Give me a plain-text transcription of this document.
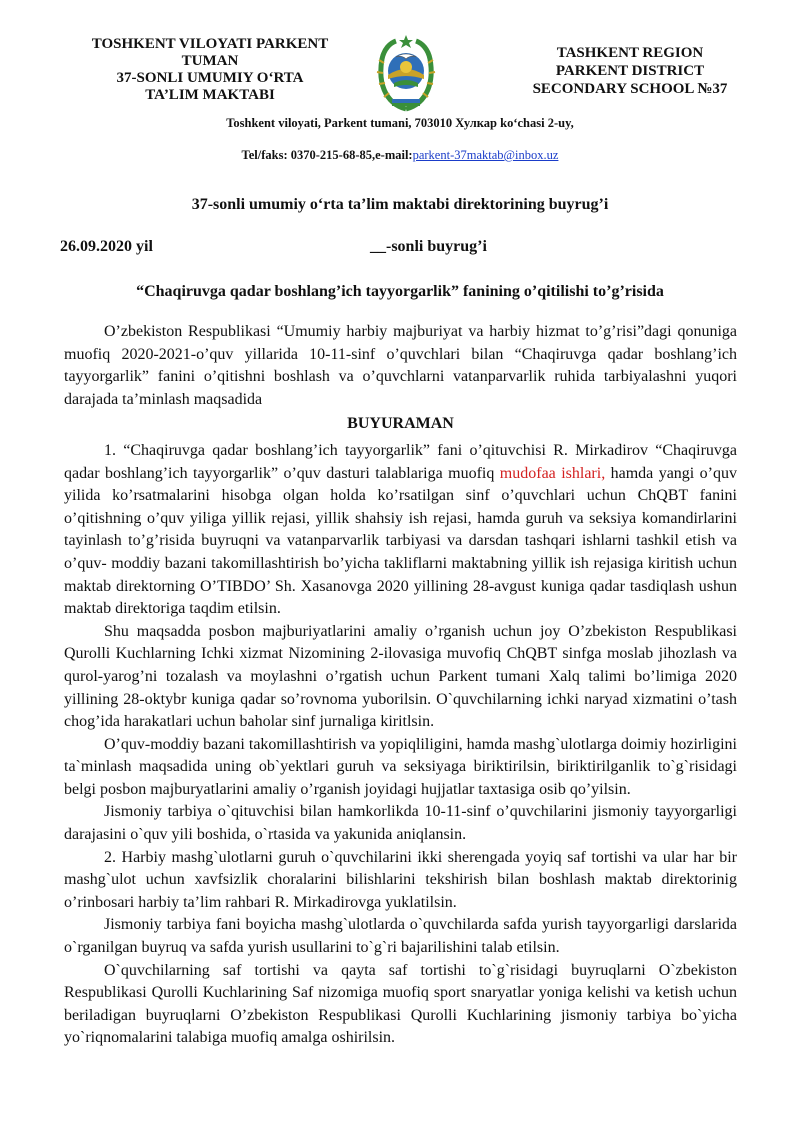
TOSHKENT VILOYATI PARKENT
TUMAN
37-SONLI UMUMIY O‘RTA
TA’LIM MAKTABI
TASHKENT REGION
PARKENT DISTRICT
SECONDARY SCHOOL №37
Toshkent viloyati, Parkent tumani, 703010 Хулкар ko‘chasi 2-uy,
Tel/faks: 0370-215-68-85,e-mail:parkent-37maktab@inbox.uz
37-sonli umumiy o‘rta ta’lim maktabi direktorining buyrug’i
26.09.2020 yil	__-sonli buyrug’i
“Chaqiruvga qadar boshlang’ich tayyorgarlik” fanining o’qitilishi to’g’risida

O’zbekiston Respublikasi “Umumiy harbiy majburiyat va harbiy hizmat to’g’risi”dagi qonuniga muofiq 2020-2021-o’quv yillarida 10-11-sinf o’quvchlari bilan “Chaqiruvga qadar boshlang’ich tayyorgarlik” fanini o’qitishni boshlash va o’quvchlarni vatanparvarlik ruhida tarbiyalashni yuqori darajada ta’minlash maqsadida

BUYURAMAN

1. “Chaqiruvga qadar boshlang’ich tayyorgarlik” fani o’qituvchisi R. Mirkadirov “Chaqiruvga qadar boshlang’ich tayyorgarlik” o’quv dasturi talablariga muofiq mudofaa ishlari, hamda yangi o’quv yilida ko’rsatmalarini hisobga olgan holda ko’rsatilgan sinf o’quvchlari uchun ChQBT fanini o’qitishning o’quv yiliga yillik rejasi, yillik shahsiy ish rejasi, hamda guruh va seksiya komandirlarini tayinlash to’g’risida buyruqni va vatanparvarlik tarbiyasi va darsdan tashqari ishlarni tashkil etish va o’quv- moddiy bazani takomillashtirish bo’yicha takliflarni maktabning yillik ish rejasiga kiritish uchun maktab direktorning O’TIBDO’ Sh. Xasanovga 2020 yillining 28-avgust kuniga qadar tasdiqlash ushun maktab direktoriga taqdim etilsin.

Shu maqsadda posbon majburiyatlarini amaliy o’rganish uchun joy O’zbekiston Respublikasi Qurolli Kuchlarning Ichki xizmat Nizomining 2-ilovasiga muvofiq ChQBT sinfga moslab jihozlash va qurol-yarog’ni tozalash va moylashni o’rgatish uchun Parkent tumani Xalq talimi bo’limiga 2020 yillining 28-oktybr kuniga qadar so’rovnoma yuborilsin. O`quvchilarning ichki naryad xizmatini o’tash chog’ida harakatlari uchun baholar sinf jurnaliga kiritlsin.

O’quv-moddiy bazani takomillashtirish va yopiqliligini, hamda mashg`ulotlarga doimiy hozirligini ta`minlash maqsadida uning ob`yektlari guruh va seksiyaga biriktirilsin, biriktirilganlik to`g`risidagi belgi posbon majburyatlarini amaliy o’rganish joyidagi hujjatlar taxtasiga osib qo’yilsin.

Jismoniy tarbiya o`qituvchisi bilan hamkorlikda 10-11-sinf o’quvchilarini jismoniy tayyorgarligi darajasini o`quv yili boshida, o`rtasida va yakunida aniqlansin.

2. Harbiy mashg`ulotlarni guruh o`quvchilarini ikki sherengada yoyiq saf tortishi va ular har bir mashg`ulot uchun xavfsizlik choralarini bilishlarini tekshirish bilan boshlash maktab direktorinig o’rinbosari harbiy ta’lim rahbari R. Mirkadirovga yuklatilsin.

Jismoniy tarbiya fani boyicha mashg`ulotlarda o`quvchilarda safda yurish tayyorgarligi darslarida o`rganilgan buyruq va safda yurish usullarini to`g`ri bajarilishini talab etilsin.

O`quvchilarning saf tortishi va qayta saf tortishi to`g`risidagi buyruqlarni O`zbekiston Respublikasi Qurolli Kuchlarining Saf nizomiga muofiq sport snaryatlar yoniga kelishi va ketish uchun beriladigan buyruqlarni O’zbekiston Respublikasi Qurolli Kuchlarining jismoniy tarbiya bo`yicha yo`riqnomalarini talabiga muofiq amalga oshirilsin.
